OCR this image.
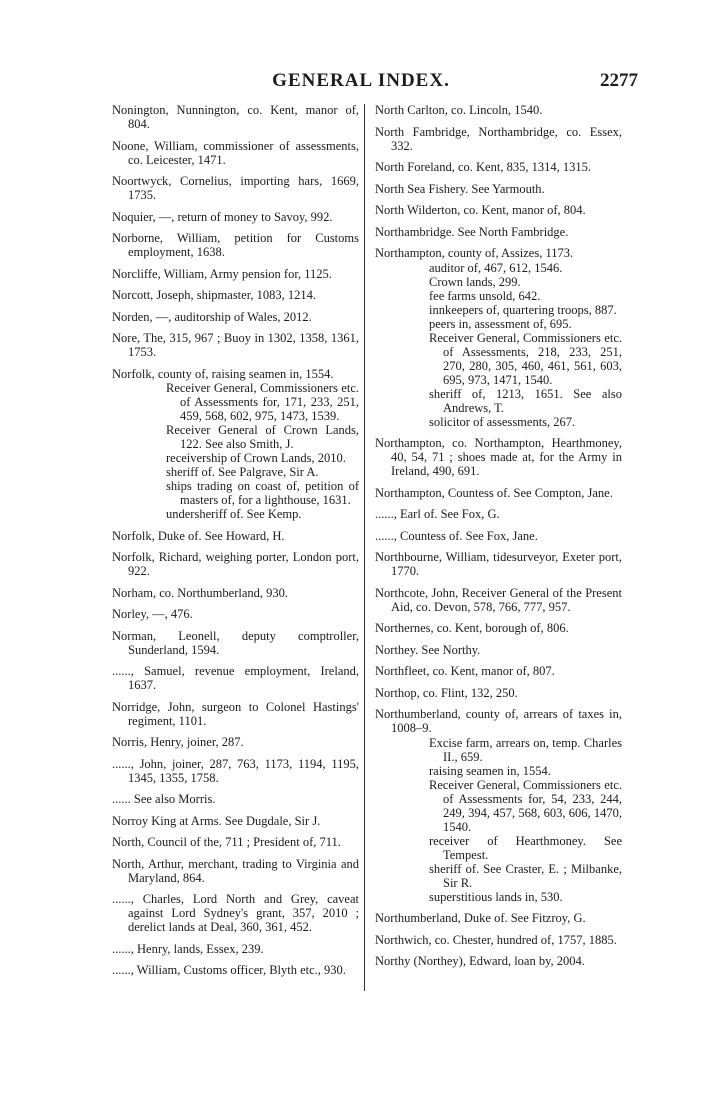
GENERAL INDEX.	2277
Nonington, Nunnington, co. Kent, manor of, 804.
Noone, William, commissioner of assessments, co. Leicester, 1471.
Noortwyck, Cornelius, importing hars, 1669, 1735.
Noquier, —, return of money to Savoy, 992.
Norborne, William, petition for Customs employment, 1638.
Norcliffe, William, Army pension for, 1125.
Norcott, Joseph, shipmaster, 1083, 1214.
Norden, —, auditorship of Wales, 2012.
Nore, The, 315, 967 ; Buoy in 1302, 1358, 1361, 1753.
Norfolk, county of, raising seamen in, 1554.
Receiver General, Commissioners etc. of Assessments for, 171, 233, 251, 459, 568, 602, 975, 1473, 1539.
Receiver General of Crown Lands, 122. See also Smith, J.
receivership of Crown Lands, 2010.
sheriff of. See Palgrave, Sir A.
ships trading on coast of, petition of masters of, for a lighthouse, 1631.
undersheriff of. See Kemp.
Norfolk, Duke of. See Howard, H.
Norfolk, Richard, weighing porter, London port, 922.
Norham, co. Northumberland, 930.
Norley, —, 476.
Norman, Leonell, deputy comptroller, Sunderland, 1594.
......, Samuel, revenue employment, Ireland, 1637.
Norridge, John, surgeon to Colonel Hastings' regiment, 1101.
Norris, Henry, joiner, 287.
......, John, joiner, 287, 763, 1173, 1194, 1195, 1345, 1355, 1758.
...... See also Morris.
Norroy King at Arms. See Dugdale, Sir J.
North, Council of the, 711 ; President of, 711.
North, Arthur, merchant, trading to Virginia and Maryland, 864.
......, Charles, Lord North and Grey, caveat against Lord Sydney's grant, 357, 2010 ; derelict lands at Deal, 360, 361, 452.
......, Henry, lands, Essex, 239.
......, William, Customs officer, Blyth etc., 930.
North Carlton, co. Lincoln, 1540.
North Fambridge, Northambridge, co. Essex, 332.
North Foreland, co. Kent, 835, 1314, 1315.
North Sea Fishery. See Yarmouth.
North Wilderton, co. Kent, manor of, 804.
Northambridge. See North Fambridge.
Northampton, county of, Assizes, 1173.
auditor of, 467, 612, 1546.
Crown lands, 299.
fee farms unsold, 642.
innkeepers of, quartering troops, 887.
peers in, assessment of, 695.
Receiver General, Commissioners etc. of Assessments, 218, 233, 251, 270, 280, 305, 460, 461, 561, 603, 695, 973, 1471, 1540.
sheriff of, 1213, 1651. See also Andrews, T.
solicitor of assessments, 267.
Northampton, co. Northampton, Hearthmoney, 40, 54, 71 ; shoes made at, for the Army in Ireland, 490, 691.
Northampton, Countess of. See Compton, Jane.
......, Earl of. See Fox, G.
......, Countess of. See Fox, Jane.
Northbourne, William, tidesurveyor, Exeter port, 1770.
Northcote, John, Receiver General of the Present Aid, co. Devon, 578, 766, 777, 957.
Northernes, co. Kent, borough of, 806.
Northey. See Northy.
Northfleet, co. Kent, manor of, 807.
Northop, co. Flint, 132, 250.
Northumberland, county of, arrears of taxes in, 1008–9.
Excise farm, arrears on, temp. Charles II., 659.
raising seamen in, 1554.
Receiver General, Commissioners etc. of Assessments for, 54, 233, 244, 249, 394, 457, 568, 603, 606, 1470, 1540.
receiver of Hearthmoney. See Tempest.
sheriff of. See Craster, E. ; Milbanke, Sir R.
superstitious lands in, 530.
Northumberland, Duke of. See Fitzroy, G.
Northwich, co. Chester, hundred of, 1757, 1885.
Northy (Northey), Edward, loan by, 2004.
